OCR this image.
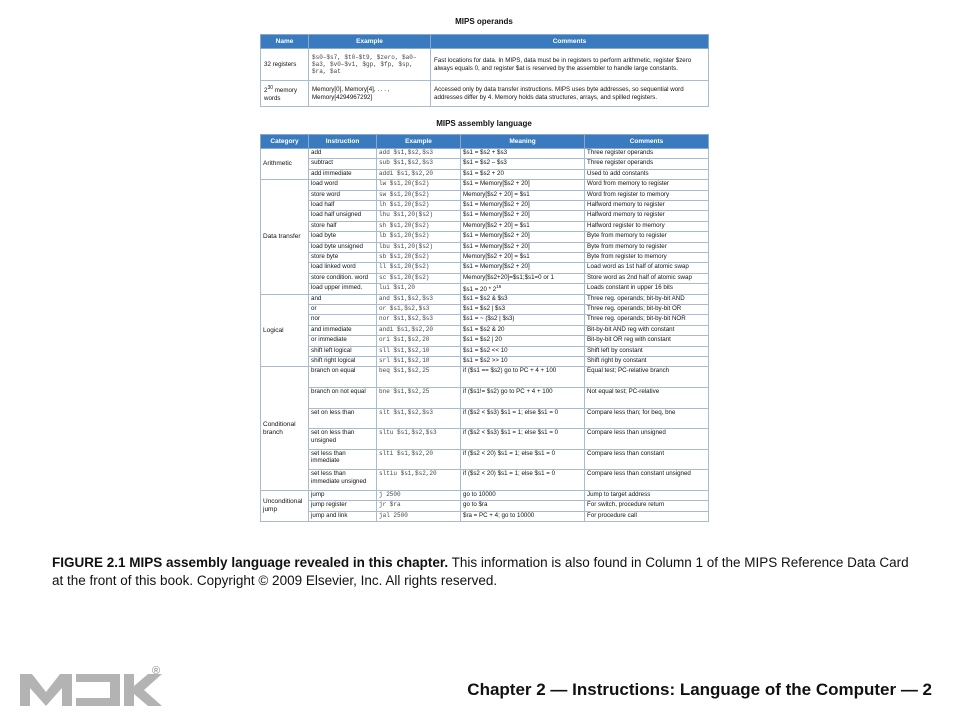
MIPS operands
Name	Example	Comments
32 registers	$s0–$s7, $t0–$t9, $zero, $a0–$a3, $v0–$v1, $gp, $fp, $sp, $ra, $at	Fast locations for data. In MIPS, data must be in registers to perform arithmetic, register $zero always equals 0, and register $at is reserved by the assembler to handle large constants.
$2^{30}$ memory words	Memory[0], Memory[4], . . . , Memory[4294967292]	Accessed only by data transfer instructions. MIPS uses byte addresses, so sequential word addresses differ by 4. Memory holds data structures, arrays, and spilled registers.
MIPS assembly language
Category	Instruction	Example	Meaning	Comments
Arithmetic	add	add $s1,$s2,$s3	$s1 = $s2 + $s3	Three register operands
	subtract	sub $s1,$s2,$s3	$s1 = $s2 – $s3	Three register operands
	add immediate	addi $s1,$s2,20	$s1 = $s2 + 20	Used to add constants
Data transfer	load word	lw $s1,20($s2)	$s1 = Memory[$s2 + 20]	Word from memory to register
	store word	sw $s1,20($s2)	Memory[$s2 + 20] = $s1	Word from register to memory
	load half	lh $s1,20($s2)	$s1 = Memory[$s2 + 20]	Halfword memory to register
	load half unsigned	lhu $s1,20($s2)	$s1 = Memory[$s2 + 20]	Halfword memory to register
	store half	sh $s1,20($s2)	Memory[$s2 + 20] = $s1	Halfword register to memory
	load byte	lb $s1,20($s2)	$s1 = Memory[$s2 + 20]	Byte from memory to register
	load byte unsigned	lbu $s1,20($s2)	$s1 = Memory[$s2 + 20]	Byte from memory to register
	store byte	sb $s1,20($s2)	Memory[$s2 + 20] = $s1	Byte from register to memory
	load linked word	ll $s1,20($s2)	$s1 = Memory[$s2 + 20]	Load word as 1st half of atomic swap
	store condition. word	sc $s1,20($s2)	Memory[$s2+20]=$s1;$s1=0 or 1	Store word as 2nd half of atomic swap
	load upper immed.	lui $s1,20	$s1 = $20 * 2^{16}$	Loads constant in upper 16 bits
Logical	and	and $s1,$s2,$s3	$s1 = $s2 & $s3	Three reg. operands; bit-by-bit AND
	or	or $s1,$s2,$s3	$s1 = $s2 | $s3	Three reg. operands; bit-by-bit OR
	nor	nor $s1,$s2,$s3	$s1 = ~ ($s2 | $s3)	Three reg. operands; bit-by-bit NOR
	and immediate	andi $s1,$s2,20	$s1 = $s2 & 20	Bit-by-bit AND reg with constant
	or immediate	ori $s1,$s2,20	$s1 = $s2 | 20	Bit-by-bit OR reg with constant
	shift left logical	sll $s1,$s2,10	$s1 = $s2 << 10	Shift left by constant
	shift right logical	srl $s1,$s2,10	$s1 = $s2 >> 10	Shift right by constant
Conditional branch	branch on equal	beq $s1,$s2,25	if ($s1 == $s2) go to PC + 4 + 100	Equal test; PC-relative branch
	branch on not equal	bne $s1,$s2,25	if ($s1!= $s2) go to PC + 4 + 100	Not equal test; PC-relative
	set on less than	slt $s1,$s2,$s3	if ($s2 < $s3) $s1 = 1; else $s1 = 0	Compare less than; for beq, bne
	set on less than unsigned	sltu $s1,$s2,$s3	if ($s2 < $s3) $s1 = 1; else $s1 = 0	Compare less than unsigned
	set less than immediate	slti $s1,$s2,20	if ($s2 < 20) $s1 = 1; else $s1 = 0	Compare less than constant
	set less than immediate unsigned	sltiu $s1,$s2,20	if ($s2 < 20) $s1 = 1; else $s1 = 0	Compare less than constant unsigned
Unconditional jump	jump	j 2500	go to 10000	Jump to target address
	jump register	jr $ra	go to $ra	For switch, procedure return
	jump and link	jal 2500	$ra = PC + 4; go to 10000	For procedure call
FIGURE 2.1 MIPS assembly language revealed in this chapter. This information is also found in Column 1 of the MIPS Reference Data Card at the front of this book. Copyright © 2009 Elsevier, Inc. All rights reserved.
®
Chapter 2 — Instructions: Language of the Computer — 2
